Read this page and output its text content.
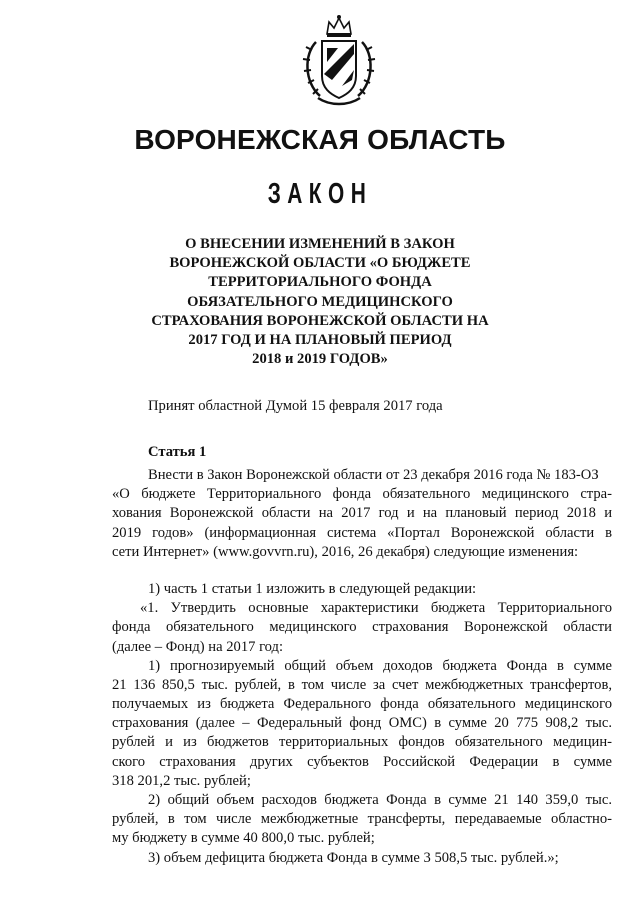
ВОРОНЕЖСКАЯ ОБЛАСТЬ
ЗАКОН
О ВНЕСЕНИИ ИЗМЕНЕНИЙ В ЗАКОН
ВОРОНЕЖСКОЙ ОБЛАСТИ «О БЮДЖЕТЕ
ТЕРРИТОРИАЛЬНОГО ФОНДА
ОБЯЗАТЕЛЬНОГО МЕДИЦИНСКОГО
СТРАХОВАНИЯ ВОРОНЕЖСКОЙ ОБЛАСТИ НА
2017 ГОД И НА ПЛАНОВЫЙ ПЕРИОД
2018 и 2019 ГОДОВ»
Принят областной Думой 15 февраля 2017 года
Статья 1
Внести в Закон Воронежской области от 23 декабря 2016 года № 183-ОЗ
«О бюджете Территориального фонда обязательного медицинского стра-
хования Воронежской области на 2017 год и на плановый период 2018 и
2019 годов» (информационная система «Портал Воронежской области в
сети Интернет» (www.govvrn.ru), 2016, 26 декабря) следующие изменения:
1) часть 1 статьи 1 изложить в следующей редакции:
«1. Утвердить основные характеристики бюджета Территориального
фонда обязательного медицинского страхования Воронежской области
(далее – Фонд) на 2017 год:
1) прогнозируемый общий объем доходов бюджета Фонда в сумме
21 136 850,5 тыс. рублей, в том числе за счет межбюджетных трансфертов,
получаемых из бюджета Федерального фонда обязательного медицинского
страхования (далее – Федеральный фонд ОМС) в сумме 20 775 908,2 тыс.
рублей и из бюджетов территориальных фондов обязательного медицин-
ского страхования других субъектов Российской Федерации в сумме
318 201,2 тыс. рублей;
2) общий объем расходов бюджета Фонда в сумме 21 140 359,0 тыс.
рублей, в том числе межбюджетные трансферты, передаваемые областно-
му бюджету в сумме 40 800,0 тыс. рублей;
3) объем дефицита бюджета Фонда в сумме 3 508,5 тыс. рублей.»;
